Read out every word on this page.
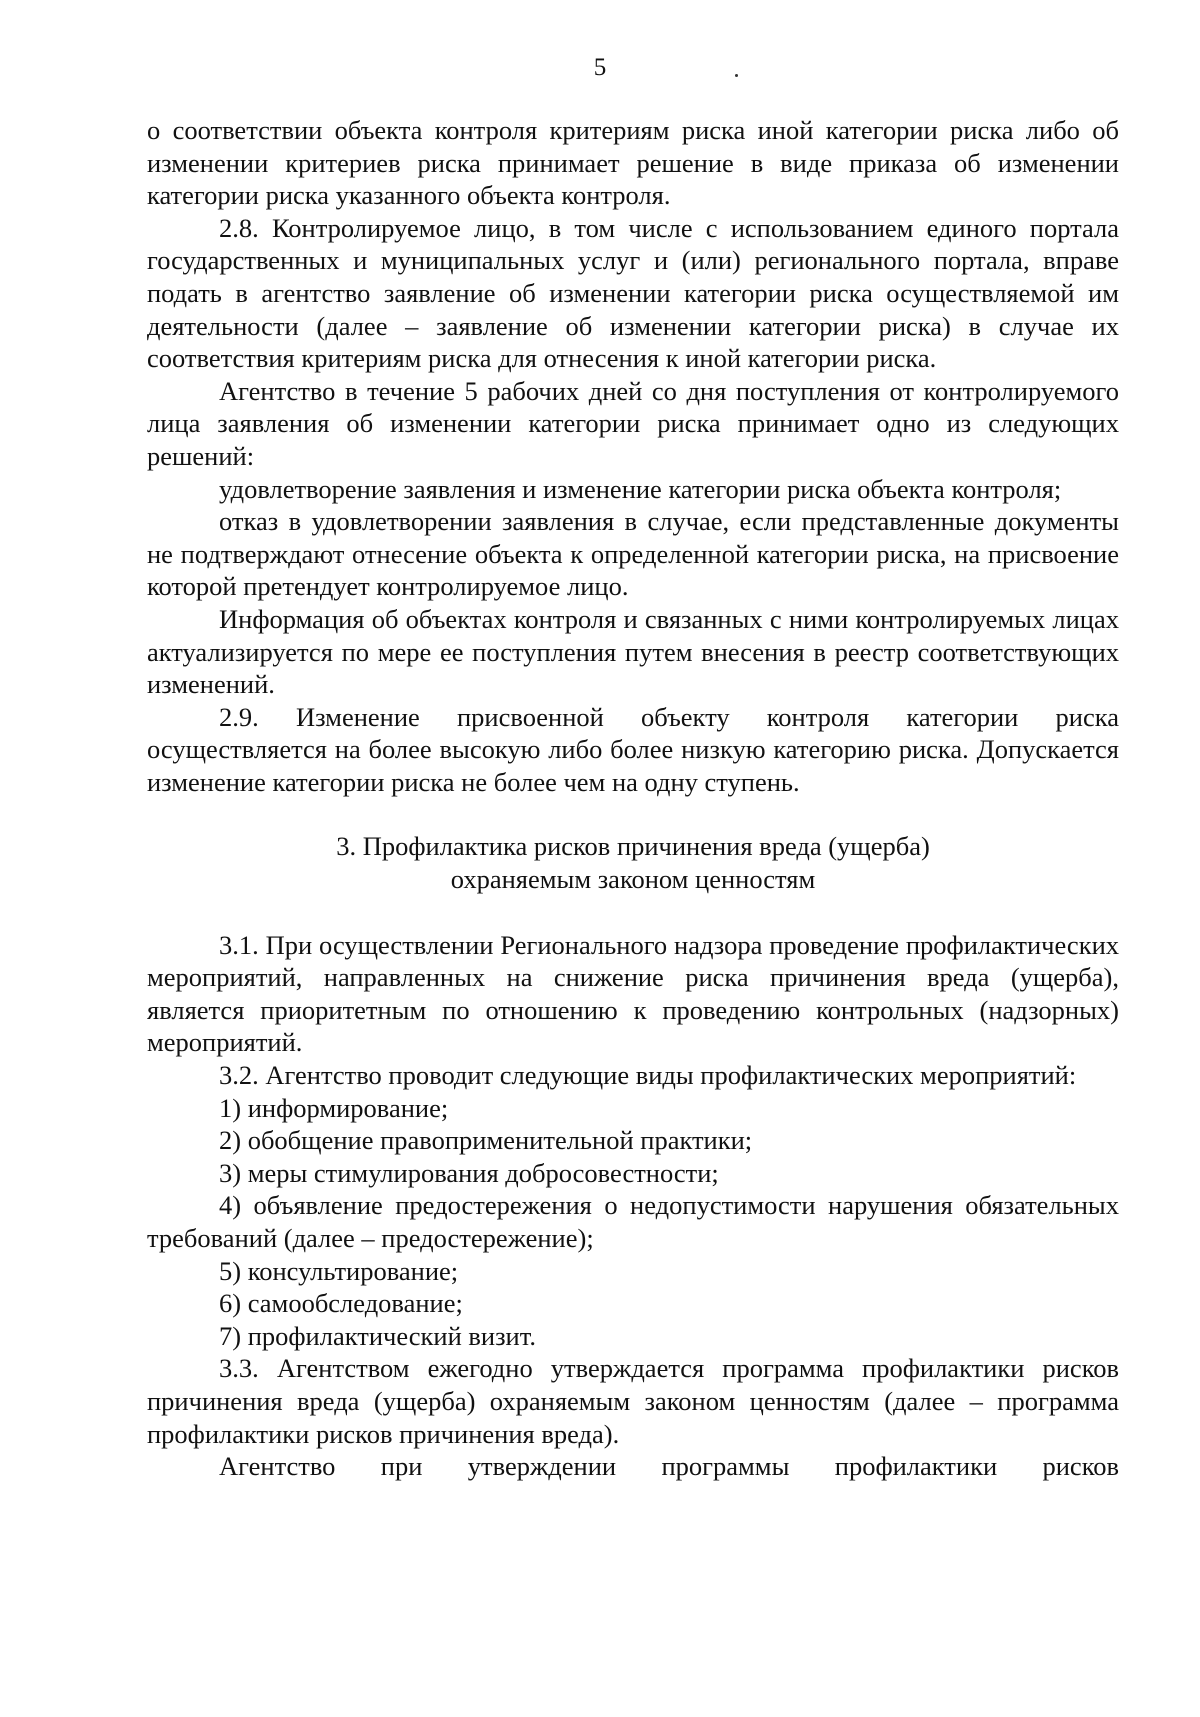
5

о соответствии объекта контроля критериям риска иной категории риска либо об изменении критериев риска принимает решение в виде приказа об изменении категории риска указанного объекта контроля.

2.8. Контролируемое лицо, в том числе с использованием единого портала государственных и муниципальных услуг и (или) регионального портала, вправе подать в агентство заявление об изменении категории риска осуществляемой им деятельности (далее – заявление об изменении категории риска) в случае их соответствия критериям риска для отнесения к иной категории риска.

Агентство в течение 5 рабочих дней со дня поступления от контролируемого лица заявления об изменении категории риска принимает одно из следующих решений:

удовлетворение заявления и изменение категории риска объекта контроля;

отказ в удовлетворении заявления в случае, если представленные документы не подтверждают отнесение объекта к определенной категории риска, на присвоение которой претендует контролируемое лицо.

Информация об объектах контроля и связанных с ними контролируемых лицах актуализируется по мере ее поступления путем внесения в реестр соответствующих изменений.

2.9. Изменение присвоенной объекту контроля категории риска осуществляется на более высокую либо более низкую категорию риска. Допускается изменение категории риска не более чем на одну ступень.

3. Профилактика рисков причинения вреда (ущерба)
охраняемым законом ценностям

3.1. При осуществлении Регионального надзора проведение профилактических мероприятий, направленных на снижение риска причинения вреда (ущерба), является приоритетным по отношению к проведению контрольных (надзорных) мероприятий.

3.2. Агентство проводит следующие виды профилактических мероприятий:

1) информирование;

2) обобщение правоприменительной практики;

3) меры стимулирования добросовестности;

4) объявление предостережения о недопустимости нарушения обязательных требований (далее – предостережение);

5) консультирование;

6) самообследование;

7) профилактический визит.

3.3. Агентством ежегодно утверждается программа профилактики рисков причинения вреда (ущерба) охраняемым законом ценностям (далее – программа профилактики рисков причинения вреда).

Агентство при утверждении программы профилактики рисков
